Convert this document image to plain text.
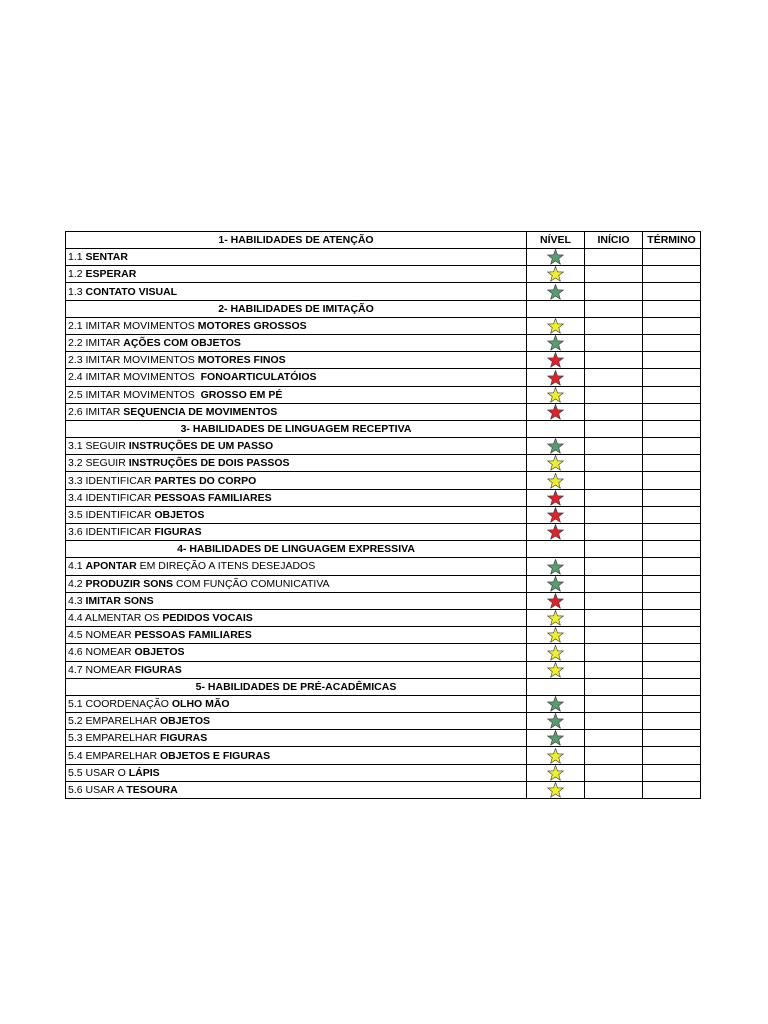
1- HABILIDADES DE ATENÇÃO	NÍVEL	INÍCIO	TÉRMINO
1.1 SENTAR			
1.2 ESPERAR			
1.3 CONTATO VISUAL			
2- HABILIDADES DE IMITAÇÃO			
2.1 IMITAR MOVIMENTOS MOTORES GROSSOS			
2.2 IMITAR AÇÕES COM OBJETOS			
2.3 IMITAR MOVIMENTOS MOTORES FINOS			
2.4 IMITAR MOVIMENTOS  FONOARTICULATÓIOS			
2.5 IMITAR MOVIMENTOS  GROSSO EM PÉ			
2.6 IMITAR SEQUENCIA DE MOVIMENTOS			
3- HABILIDADES DE LINGUAGEM RECEPTIVA			
3.1 SEGUIR INSTRUÇÕES DE UM PASSO			
3.2 SEGUIR INSTRUÇÕES DE DOIS PASSOS			
3.3 IDENTIFICAR PARTES DO CORPO			
3.4 IDENTIFICAR PESSOAS FAMILIARES			
3.5 IDENTIFICAR OBJETOS			
3.6 IDENTIFICAR FIGURAS			
4- HABILIDADES DE LINGUAGEM EXPRESSIVA			
4.1 APONTAR EM DIREÇÃO A ITENS DESEJADOS			
4.2 PRODUZIR SONS COM FUNÇÃO COMUNICATIVA			
4.3 IMITAR SONS			
4.4 ALMENTAR OS PEDIDOS VOCAIS			
4.5 NOMEAR PESSOAS FAMILIARES			
4.6 NOMEAR OBJETOS			
4.7 NOMEAR FIGURAS			
5- HABILIDADES DE PRÉ-ACADÊMICAS			
5.1 COORDENAÇÃO OLHO MÃO			
5.2 EMPARELHAR OBJETOS			
5.3 EMPARELHAR FIGURAS			
5.4 EMPARELHAR OBJETOS E FIGURAS			
5.5 USAR O LÁPIS			
5.6 USAR A TESOURA			
